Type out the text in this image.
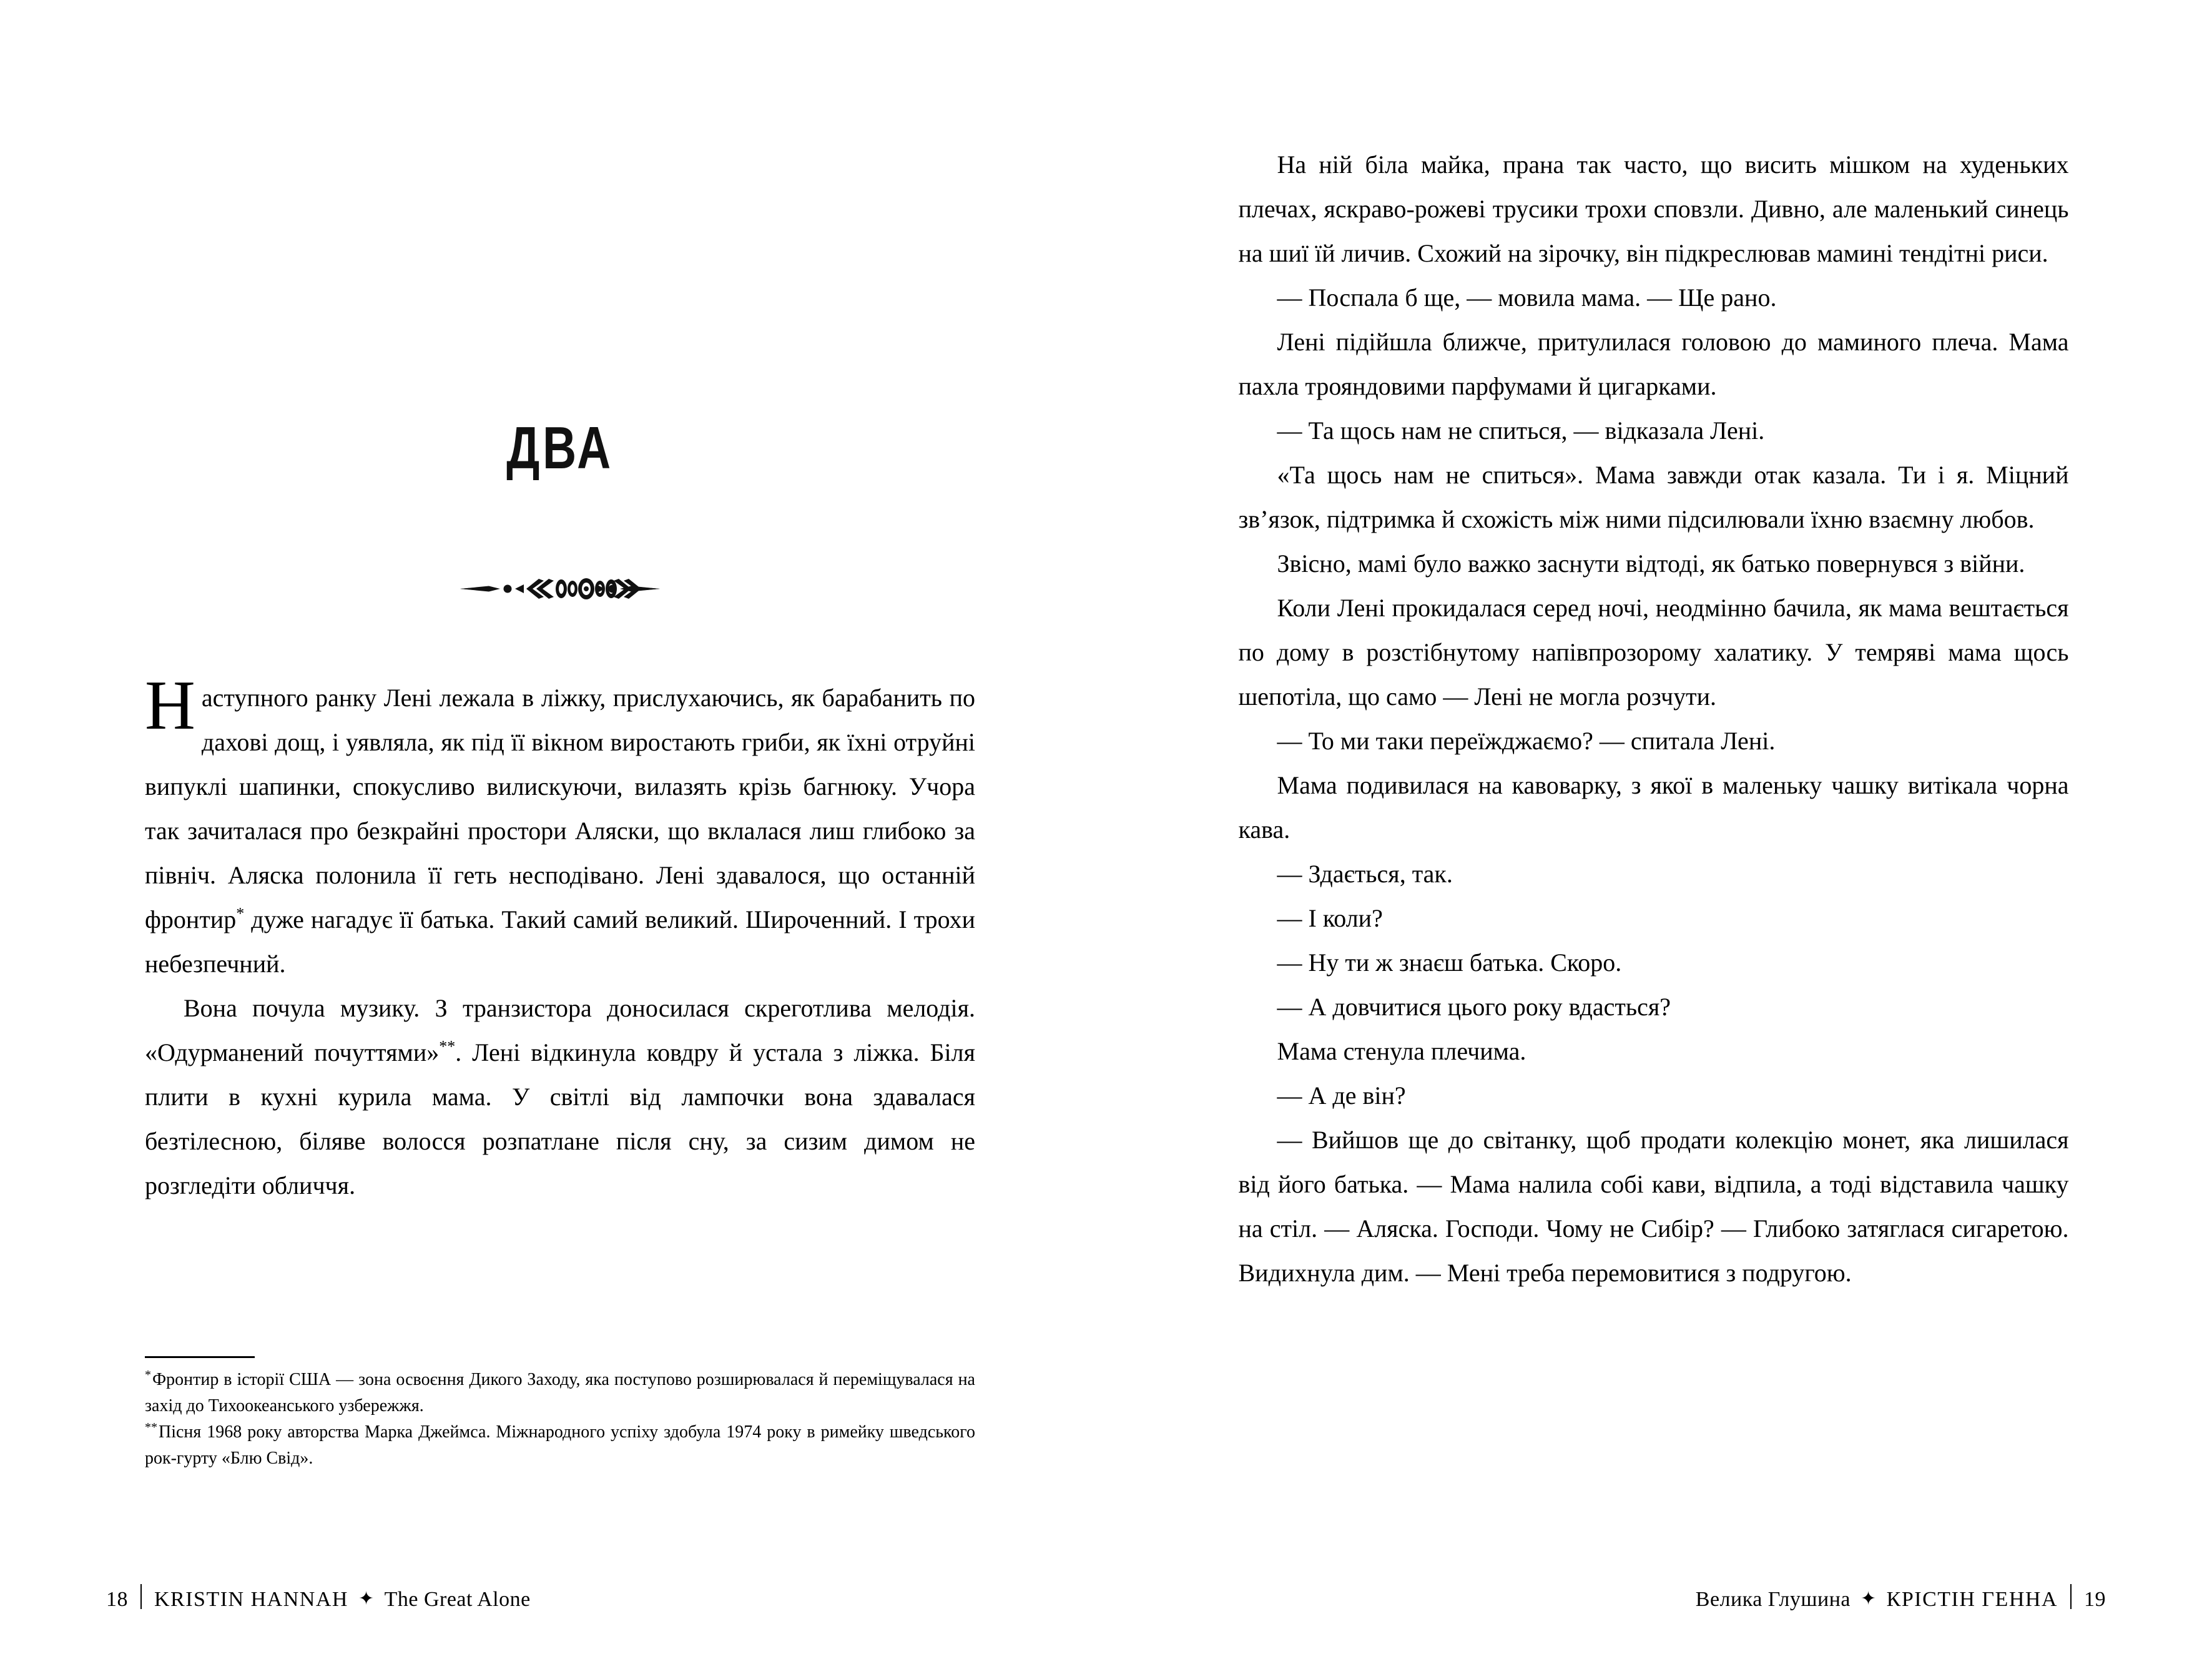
ДВА

Наступного ранку Лені лежала в ліжку, прислухаючись, як барабанить по дахові дощ, і уявляла, як під її вікном виростають гриби, як їхні отруйні випуклі шапинки, спокусливо вилискуючи, вилазять крізь багнюку. Учора так зачиталася про безкрайні простори Аляски, що вклалася лиш глибоко за північ. Аляска полонила її геть несподівано. Лені здавалося, що останній фронтир* дуже нагадує її батька. Такий самий великий. Широченний. І трохи небезпечний.

Вона почула музику. З транзистора доносилася скреготлива мелодія. «Одурманений почуттями»**. Лені відкинула ковдру й устала з ліжка. Біля плити в кухні курила мама. У світлі від лампочки вона здавалася безтілесною, біляве волосся розпатлане після сну, за сизим димом не розгледіти обличчя.

*Фронтир в історії США — зона освоєння Дикого Заходу, яка поступово розширювалася й переміщувалася на захід до Тихоокеанського узбережжя.

**Пісня 1968 року авторства Марка Джеймса. Міжнародного успіху здобула 1974 року в римейку шведського рок-гурту «Блю Свід».

18 KRISTIN HANNAH ✦ The Great Alone

На ній біла майка, прана так часто, що висить мішком на худеньких плечах, яскраво-рожеві трусики трохи сповзли. Дивно, але маленький синець на шиї їй личив. Схожий на зірочку, він підкреслював мамині тендітні риси.

— Поспала б ще, — мовила мама. — Ще рано.

Лені підійшла ближче, притулилася головою до маминого плеча. Мама пахла трояндовими парфумами й цигарками.

— Та щось нам не спиться, — відказала Лені.

«Та щось нам не спиться». Мама завжди отак казала. Ти і я. Міцний зв’язок, підтримка й схожість між ними підсилювали їхню взаємну любов.

Звісно, мамі було важко заснути відтоді, як батько повернувся з війни.

Коли Лені прокидалася серед ночі, неодмінно бачила, як мама вештається по дому в розстібнутому напівпрозорому халатику. У темряві мама щось шепотіла, що само — Лені не могла розчути.

— То ми таки переїжджаємо? — спитала Лені.

Мама подивилася на кавоварку, з якої в маленьку чашку витікала чорна кава.

— Здається, так.

— І коли?

— Ну ти ж знаєш батька. Скоро.

— А довчитися цього року вдасться?

Мама стенула плечима.

— А де він?

— Вийшов ще до світанку, щоб продати колекцію монет, яка лишилася від його батька. — Мама налила собі кави, відпила, а тоді відставила чашку на стіл. — Аляска. Господи. Чому не Сибір? — Глибоко затяглася сигаретою. Видихнула дим. — Мені треба перемовитися з подругою.

Велика Глушина ✦ КРІСТІН ГЕННА 19
